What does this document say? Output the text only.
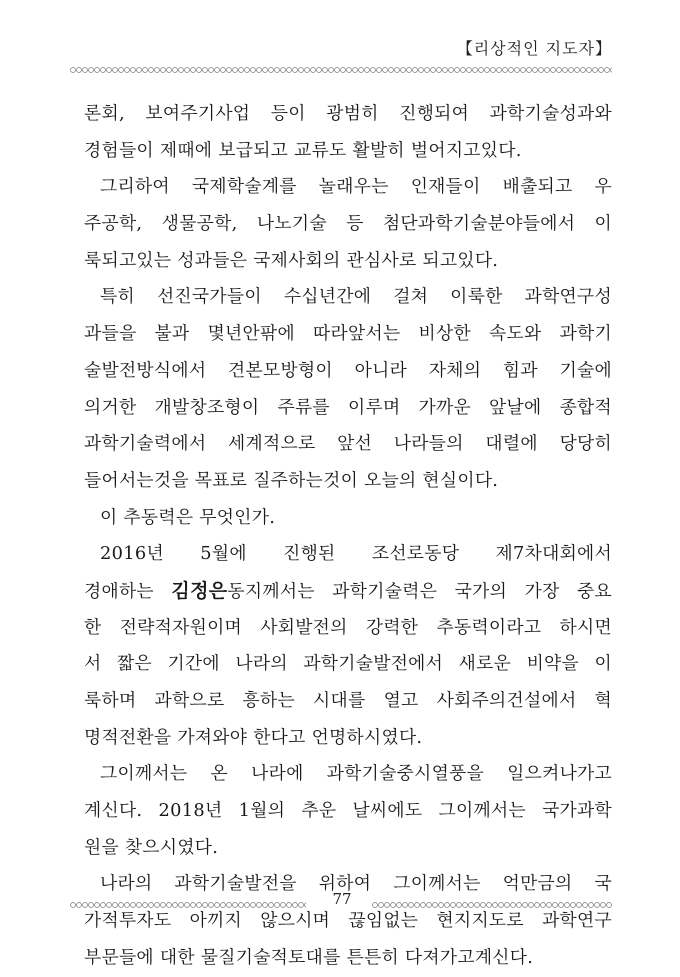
【리상적인 지도자】
론회, 보여주기사업 등이 광범히 진행되여 과학기술성과와
경험들이 제때에 보급되고 교류도 활발히 벌어지고있다.
그리하여 국제학술계를 놀래우는 인재들이 배출되고 우
주공학, 생물공학, 나노기술 등 첨단과학기술분야들에서 이
룩되고있는 성과들은 국제사회의 관심사로 되고있다.
특히 선진국가들이 수십년간에 걸쳐 이룩한 과학연구성
과들을 불과 몇년안팎에 따라앞서는 비상한 속도와 과학기
술발전방식에서 견본모방형이 아니라 자체의 힘과 기술에
의거한 개발창조형이 주류를 이루며 가까운 앞날에 종합적
과학기술력에서 세계적으로 앞선 나라들의 대렬에 당당히
들어서는것을 목표로 질주하는것이 오늘의 현실이다.
이 추동력은 무엇인가.
2016년 5월에 진행된 조선로동당 제7차대회에서
경애하는 김정은동지께서는 과학기술력은 국가의 가장 중요
한 전략적자원이며 사회발전의 강력한 추동력이라고 하시면
서 짧은 기간에 나라의 과학기술발전에서 새로운 비약을 이
룩하며 과학으로 흥하는 시대를 열고 사회주의건설에서 혁
명적전환을 가져와야 한다고 언명하시였다.
그이께서는 온 나라에 과학기술중시열풍을 일으켜나가고
계신다. 2018년 1월의 추운 날씨에도 그이께서는 국가과학
원을 찾으시였다.
나라의 과학기술발전을 위하여 그이께서는 억만금의 국
가적투자도 아끼지 않으시며 끊임없는 현지지도로 과학연구
부문들에 대한 물질기술적토대를 튼튼히 다져가고계신다.
77
